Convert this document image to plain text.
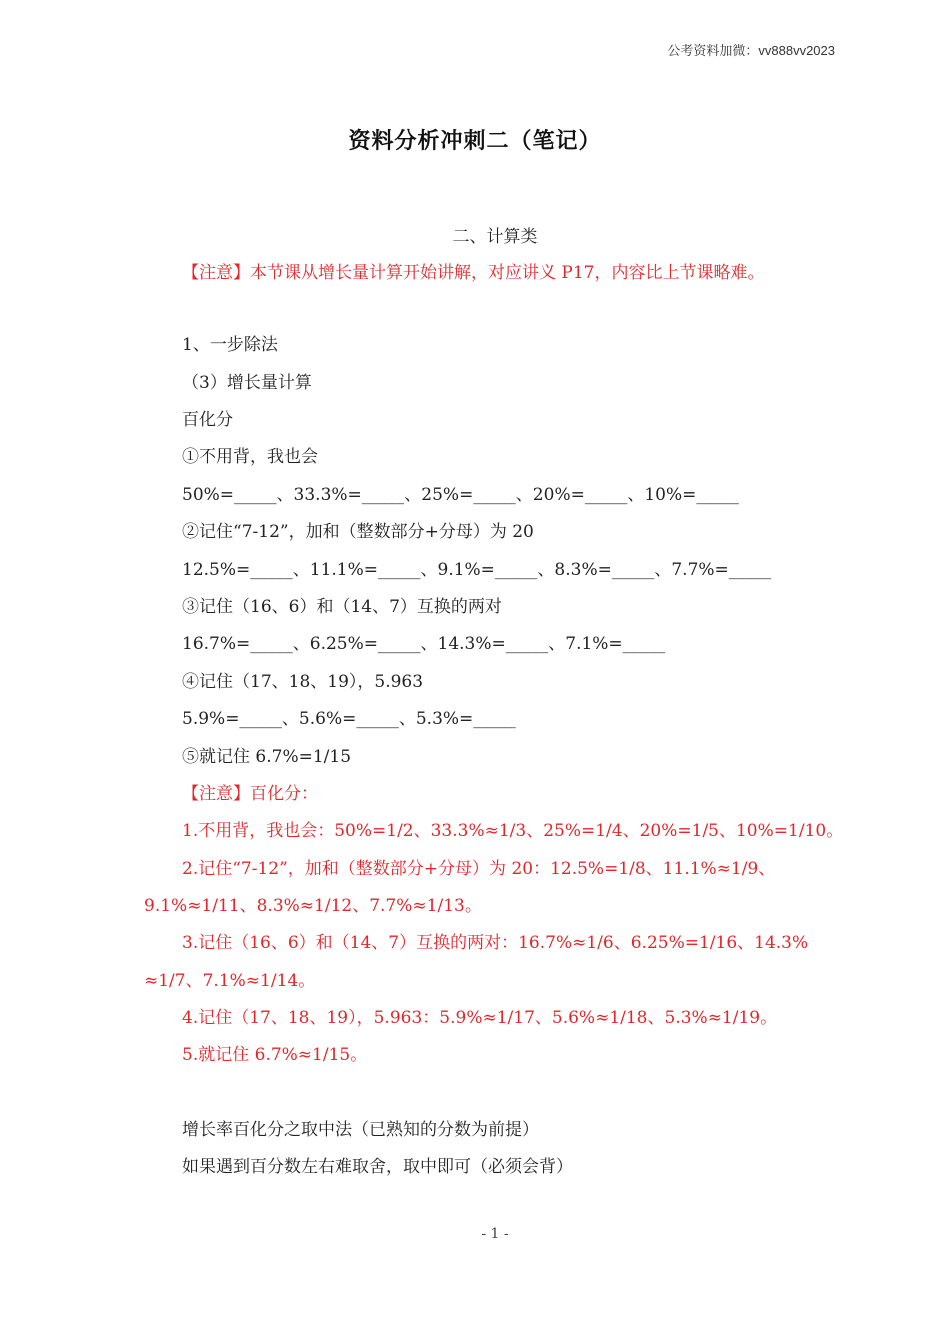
公考资料加微：vv888vv2023
资料分析冲刺二（笔记）
二、计算类
【注意】本节课从增长量计算开始讲解，对应讲义 P17，内容比上节课略难。
1、一步除法
（3）增长量计算
百化分
①不用背，我也会
50%=_____、33.3%=_____、25%=_____、20%=_____、10%=_____
②记住“7-12”，加和（整数部分+分母）为 20
12.5%=_____、11.1%=_____、9.1%=_____、8.3%=_____、7.7%=_____
③记住（16、6）和（14、7）互换的两对
16.7%=_____、6.25%=_____、14.3%=_____、7.1%=_____
④记住（17、18、19），5.963
5.9%=_____、5.6%=_____、5.3%=_____
⑤就记住 6.7%=1/15
【注意】百化分：
1.不用背，我也会：50%=1/2、33.3%≈1/3、25%=1/4、20%=1/5、10%=1/10。
2.记住“7-12”，加和（整数部分+分母）为 20：12.5%=1/8、11.1%≈1/9、
9.1%≈1/11、8.3%≈1/12、7.7%≈1/13。
3.记住（16、6）和（14、7）互换的两对：16.7%≈1/6、6.25%=1/16、14.3%
≈1/7、7.1%≈1/14。
4.记住（17、18、19），5.963：5.9%≈1/17、5.6%≈1/18、5.3%≈1/19。
5.就记住 6.7%≈1/15。
增长率百化分之取中法（已熟知的分数为前提）
如果遇到百分数左右难取舍，取中即可（必须会背）
- 1 -
